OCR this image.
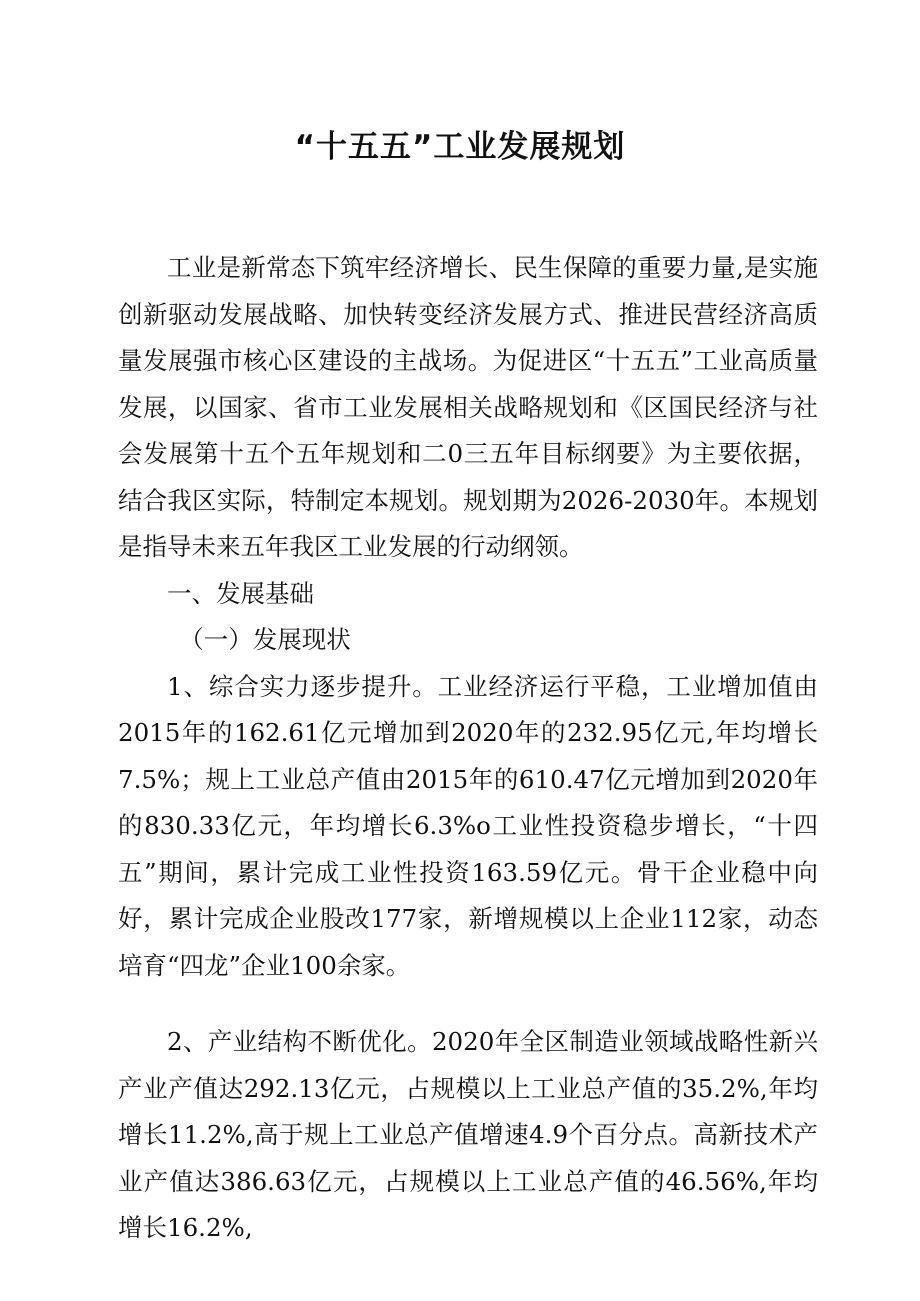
“十五五”工业发展规划

工业是新常态下筑牢经济增长、民生保障的重要力量,是实施创新驱动发展战略、加快转变经济发展方式、推进民营经济高质量发展强市核心区建设的主战场。为促进区“十五五”工业高质量发展，以国家、省市工业发展相关战略规划和《区国民经济与社会发展第十五个五年规划和二0三五年目标纲要》为主要依据，结合我区实际，特制定本规划。规划期为2026-2030年。本规划是指导未来五年我区工业发展的行动纲领。

一、发展基础

（一）发展现状

1、综合实力逐步提升。工业经济运行平稳，工业增加值由2015年的162.61亿元增加到2020年的232.95亿元,年均增长7.5%；规上工业总产值由2015年的610.47亿元增加到2020年的830.33亿元，年均增长6.3%o工业性投资稳步增长，“十四五”期间，累计完成工业性投资163.59亿元。骨干企业稳中向好，累计完成企业股改177家，新增规模以上企业112家，动态培育“四龙”企业100余家。

2、产业结构不断优化。2020年全区制造业领域战略性新兴产业产值达292.13亿元，占规模以上工业总产值的35.2%,年均增长11.2%,高于规上工业总产值增速4.9个百分点。高新技术产业产值达386.63亿元，占规模以上工业总产值的46.56%,年均增长16.2%,
